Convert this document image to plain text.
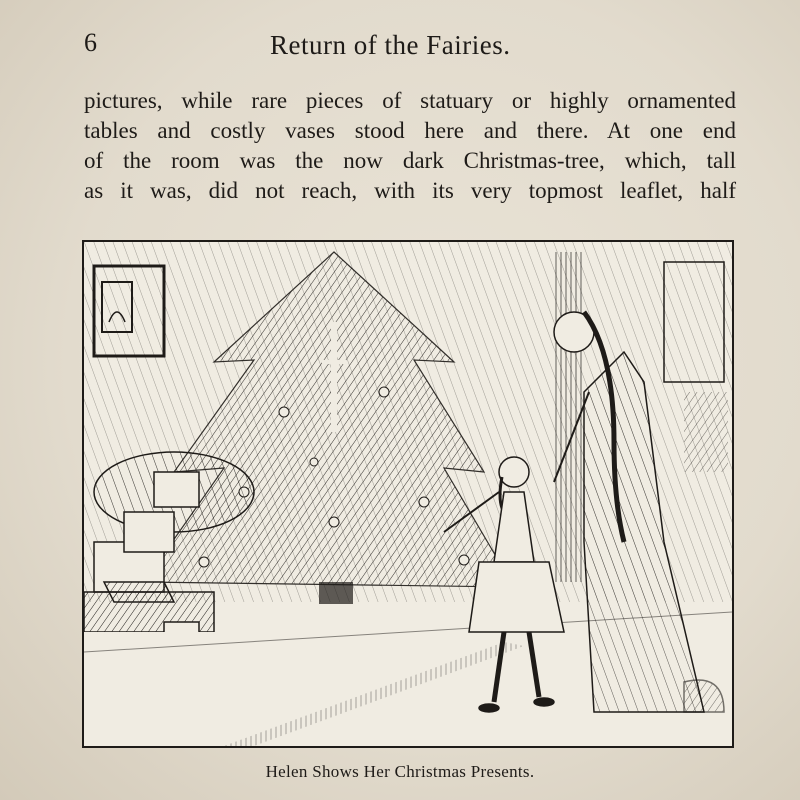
6	Return of the Fairies.
pictures, while rare pieces of statuary or highly ornamented
tables and costly vases stood here and there. At one end
of the room was the now dark Christmas-tree, which, tall
as it was, did not reach, with its very topmost leaflet, half
Helen Shows Her Christmas Presents.
